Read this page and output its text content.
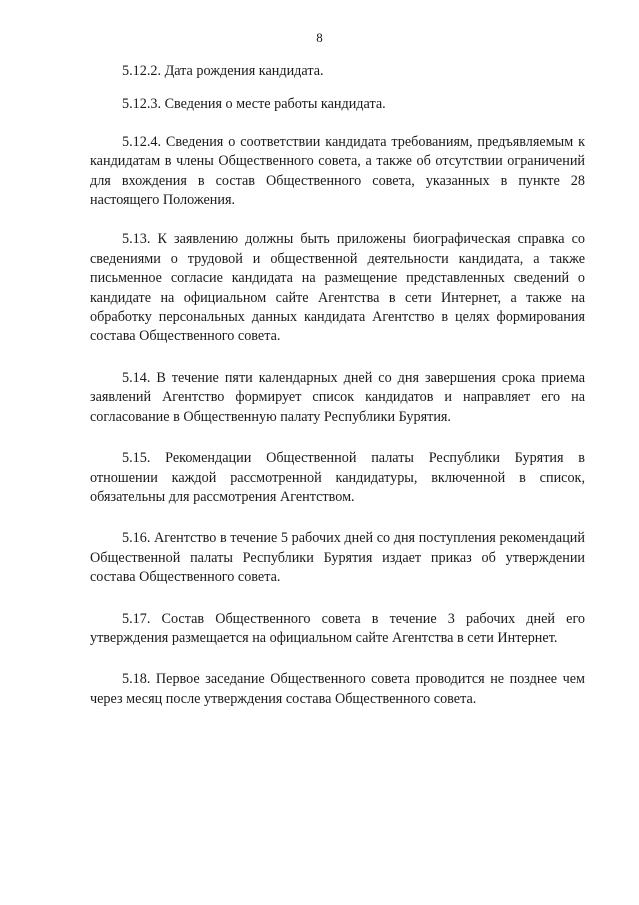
8

5.12.2. Дата рождения кандидата.

5.12.3. Сведения о месте работы кандидата.

5.12.4. Сведения о соответствии кандидата требованиям, предъявляемым к кандидатам в члены Общественного совета, а также об отсутствии ограничений для вхождения в состав Общественного совета, указанных в пункте 28 настоящего Положения.

5.13. К заявлению должны быть приложены биографическая справка со сведениями о трудовой и общественной деятельности кандидата, а также письменное согласие кандидата на размещение представленных сведений о кандидате на официальном сайте Агентства в сети Интернет, а также на обработку персональных данных кандидата Агентство в целях формирования состава Общественного совета.

5.14. В течение пяти календарных дней со дня завершения срока приема заявлений Агентство формирует список кандидатов и направляет его на согласование в Общественную палату Республики Бурятия.

5.15. Рекомендации Общественной палаты Республики Бурятия в отношении каждой рассмотренной кандидатуры, включенной в список, обязательны для рассмотрения Агентством.

5.16. Агентство в течение 5 рабочих дней со дня поступления рекомендаций Общественной палаты Республики Бурятия издает приказ об утверждении состава Общественного совета.

5.17. Состав Общественного совета в течение 3 рабочих дней его утверждения размещается на официальном сайте Агентства в сети Интернет.

5.18. Первое заседание Общественного совета проводится не позднее чем через месяц после утверждения состава Общественного совета.
